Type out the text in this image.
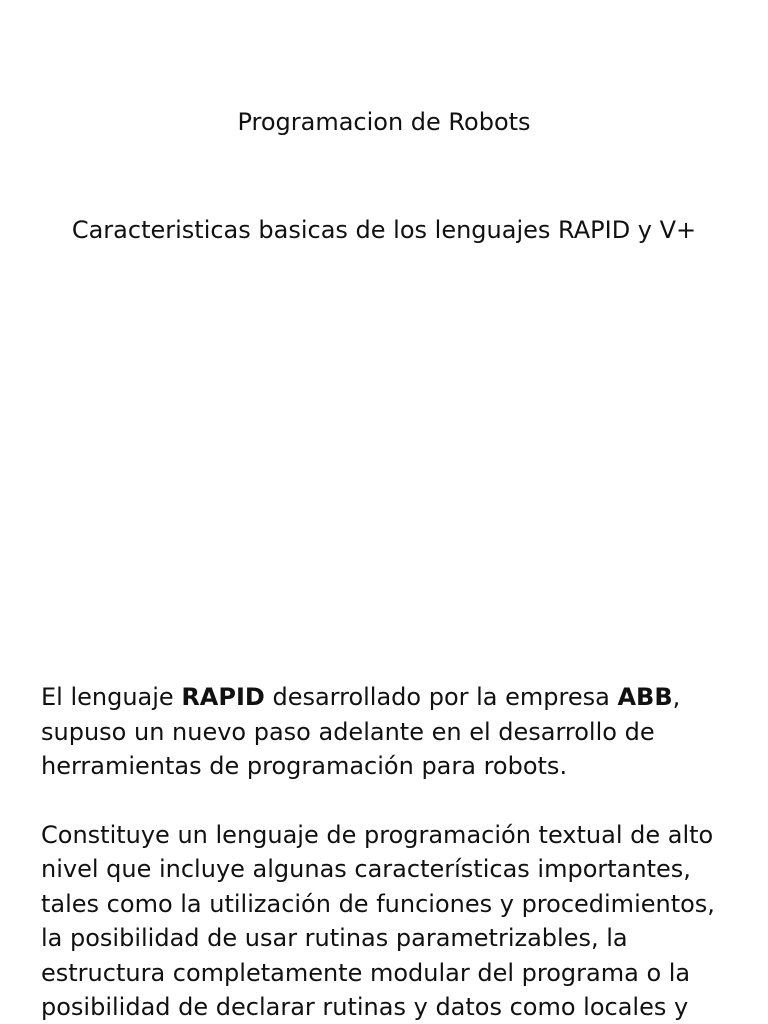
Programacion de Robots
Caracteristicas basicas de los lenguajes RAPID y V+

El lenguaje RAPID desarrollado por la empresa ABB, supuso un nuevo paso adelante en el desarrollo de herramientas de programación para robots.

Constituye un lenguaje de programación textual de alto nivel que incluye algunas características importantes, tales como la utilización de funciones y procedimientos, la posibilidad de usar rutinas parametrizables, la estructura completamente modular del programa o la posibilidad de declarar rutinas y datos como locales y
